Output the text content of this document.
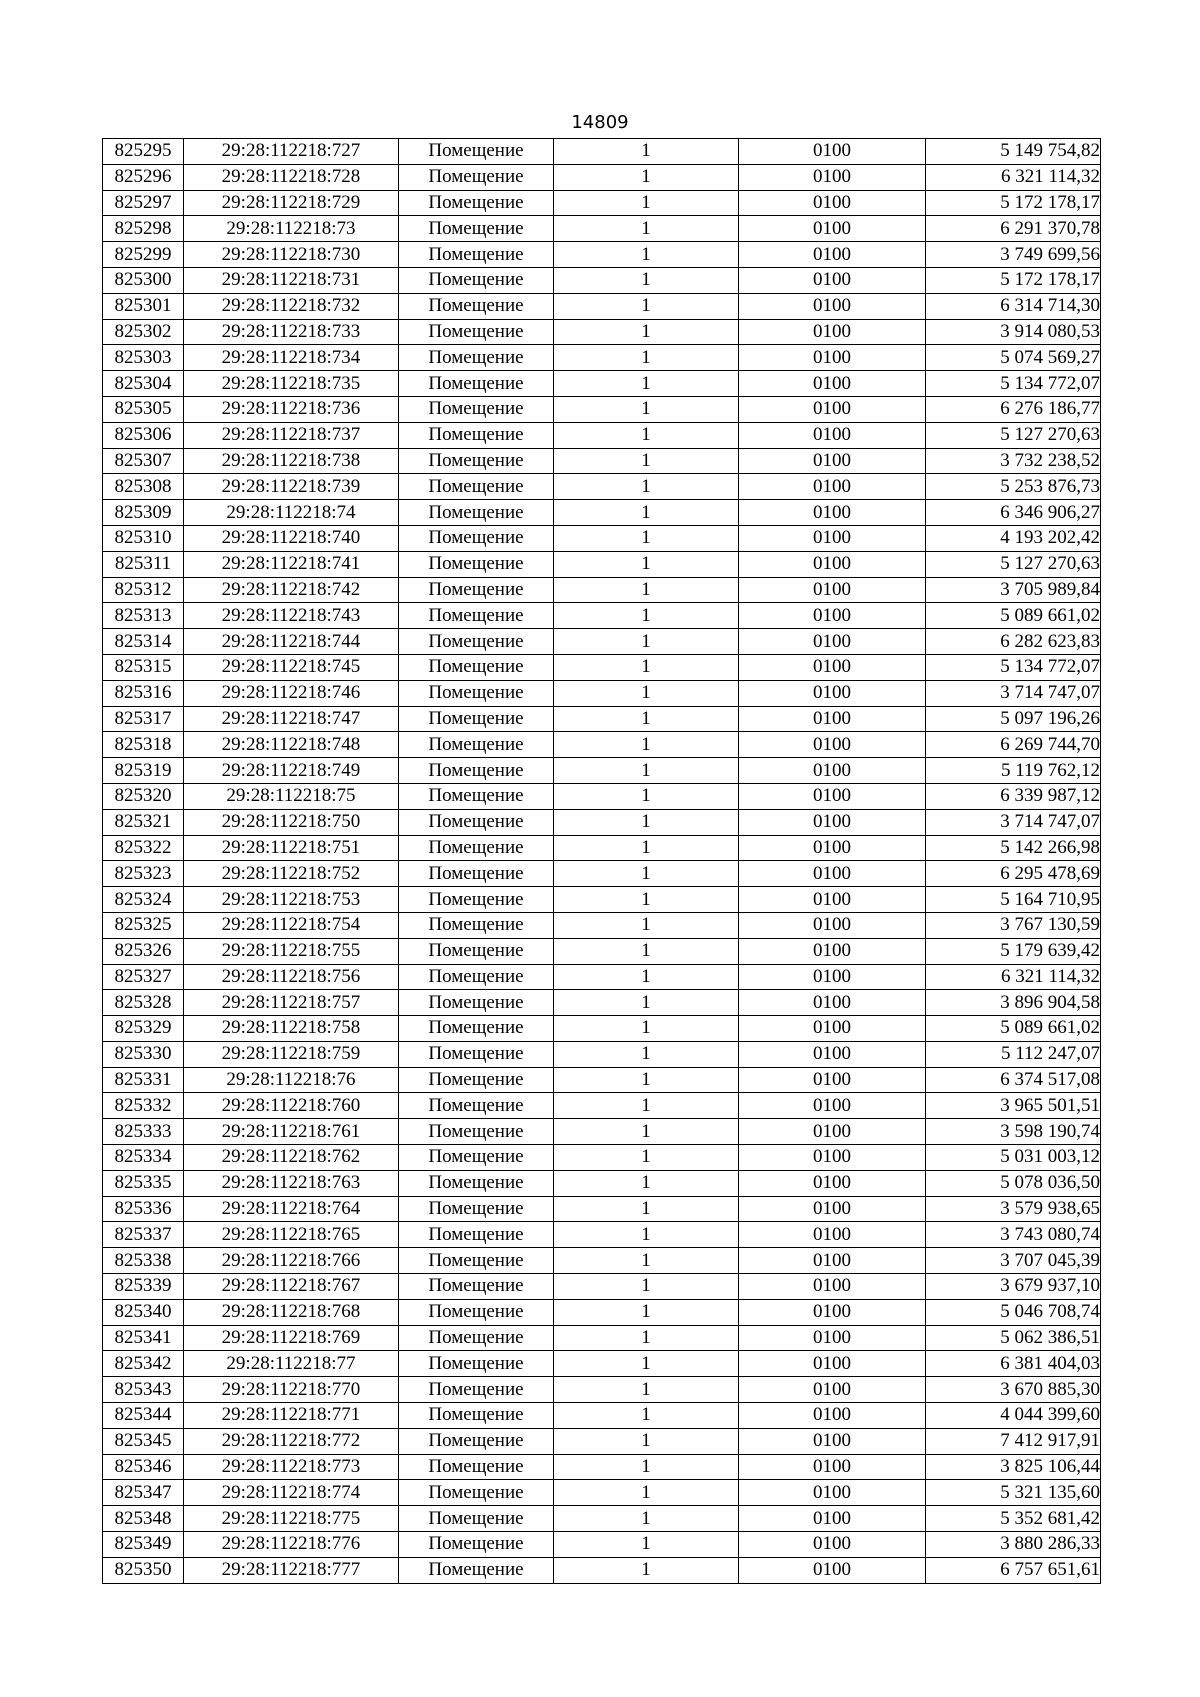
14809
825295	29:28:112218:727	Помещение	1	0100	5 149 754,82
825296	29:28:112218:728	Помещение	1	0100	6 321 114,32
825297	29:28:112218:729	Помещение	1	0100	5 172 178,17
825298	29:28:112218:73	Помещение	1	0100	6 291 370,78
825299	29:28:112218:730	Помещение	1	0100	3 749 699,56
825300	29:28:112218:731	Помещение	1	0100	5 172 178,17
825301	29:28:112218:732	Помещение	1	0100	6 314 714,30
825302	29:28:112218:733	Помещение	1	0100	3 914 080,53
825303	29:28:112218:734	Помещение	1	0100	5 074 569,27
825304	29:28:112218:735	Помещение	1	0100	5 134 772,07
825305	29:28:112218:736	Помещение	1	0100	6 276 186,77
825306	29:28:112218:737	Помещение	1	0100	5 127 270,63
825307	29:28:112218:738	Помещение	1	0100	3 732 238,52
825308	29:28:112218:739	Помещение	1	0100	5 253 876,73
825309	29:28:112218:74	Помещение	1	0100	6 346 906,27
825310	29:28:112218:740	Помещение	1	0100	4 193 202,42
825311	29:28:112218:741	Помещение	1	0100	5 127 270,63
825312	29:28:112218:742	Помещение	1	0100	3 705 989,84
825313	29:28:112218:743	Помещение	1	0100	5 089 661,02
825314	29:28:112218:744	Помещение	1	0100	6 282 623,83
825315	29:28:112218:745	Помещение	1	0100	5 134 772,07
825316	29:28:112218:746	Помещение	1	0100	3 714 747,07
825317	29:28:112218:747	Помещение	1	0100	5 097 196,26
825318	29:28:112218:748	Помещение	1	0100	6 269 744,70
825319	29:28:112218:749	Помещение	1	0100	5 119 762,12
825320	29:28:112218:75	Помещение	1	0100	6 339 987,12
825321	29:28:112218:750	Помещение	1	0100	3 714 747,07
825322	29:28:112218:751	Помещение	1	0100	5 142 266,98
825323	29:28:112218:752	Помещение	1	0100	6 295 478,69
825324	29:28:112218:753	Помещение	1	0100	5 164 710,95
825325	29:28:112218:754	Помещение	1	0100	3 767 130,59
825326	29:28:112218:755	Помещение	1	0100	5 179 639,42
825327	29:28:112218:756	Помещение	1	0100	6 321 114,32
825328	29:28:112218:757	Помещение	1	0100	3 896 904,58
825329	29:28:112218:758	Помещение	1	0100	5 089 661,02
825330	29:28:112218:759	Помещение	1	0100	5 112 247,07
825331	29:28:112218:76	Помещение	1	0100	6 374 517,08
825332	29:28:112218:760	Помещение	1	0100	3 965 501,51
825333	29:28:112218:761	Помещение	1	0100	3 598 190,74
825334	29:28:112218:762	Помещение	1	0100	5 031 003,12
825335	29:28:112218:763	Помещение	1	0100	5 078 036,50
825336	29:28:112218:764	Помещение	1	0100	3 579 938,65
825337	29:28:112218:765	Помещение	1	0100	3 743 080,74
825338	29:28:112218:766	Помещение	1	0100	3 707 045,39
825339	29:28:112218:767	Помещение	1	0100	3 679 937,10
825340	29:28:112218:768	Помещение	1	0100	5 046 708,74
825341	29:28:112218:769	Помещение	1	0100	5 062 386,51
825342	29:28:112218:77	Помещение	1	0100	6 381 404,03
825343	29:28:112218:770	Помещение	1	0100	3 670 885,30
825344	29:28:112218:771	Помещение	1	0100	4 044 399,60
825345	29:28:112218:772	Помещение	1	0100	7 412 917,91
825346	29:28:112218:773	Помещение	1	0100	3 825 106,44
825347	29:28:112218:774	Помещение	1	0100	5 321 135,60
825348	29:28:112218:775	Помещение	1	0100	5 352 681,42
825349	29:28:112218:776	Помещение	1	0100	3 880 286,33
825350	29:28:112218:777	Помещение	1	0100	6 757 651,61
